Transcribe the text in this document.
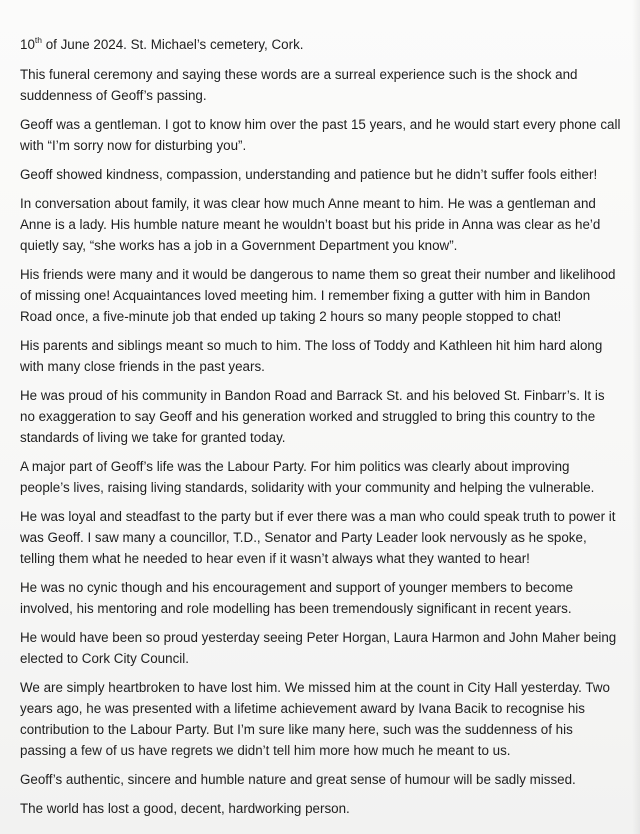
10th of June 2024. St. Michael’s cemetery, Cork.

This funeral ceremony and saying these words are a surreal experience such is the shock and suddenness of Geoff’s passing.

Geoff was a gentleman. I got to know him over the past 15 years, and he would start every phone call with “I’m sorry now for disturbing you”.

Geoff showed kindness, compassion, understanding and patience but he didn’t suffer fools either!

In conversation about family, it was clear how much Anne meant to him. He was a gentleman and Anne is a lady. His humble nature meant he wouldn’t boast but his pride in Anna was clear as he’d quietly say, “she works has a job in a Government Department you know”.

His friends were many and it would be dangerous to name them so great their number and likelihood of missing one! Acquaintances loved meeting him. I remember fixing a gutter with him in Bandon Road once, a five-minute job that ended up taking 2 hours so many people stopped to chat!

His parents and siblings meant so much to him. The loss of Toddy and Kathleen hit him hard along with many close friends in the past years.

He was proud of his community in Bandon Road and Barrack St. and his beloved St. Finbarr’s. It is no exaggeration to say Geoff and his generation worked and struggled to bring this country to the standards of living we take for granted today.

A major part of Geoff’s life was the Labour Party. For him politics was clearly about improving people’s lives, raising living standards, solidarity with your community and helping the vulnerable.

He was loyal and steadfast to the party but if ever there was a man who could speak truth to power it was Geoff. I saw many a councillor, T.D., Senator and Party Leader look nervously as he spoke, telling them what he needed to hear even if it wasn’t always what they wanted to hear!

He was no cynic though and his encouragement and support of younger members to become involved, his mentoring and role modelling has been tremendously significant in recent years.

He would have been so proud yesterday seeing Peter Horgan, Laura Harmon and John Maher being elected to Cork City Council.

We are simply heartbroken to have lost him. We missed him at the count in City Hall yesterday. Two years ago, he was presented with a lifetime achievement award by Ivana Bacik to recognise his contribution to the Labour Party. But I’m sure like many here, such was the suddenness of his passing a few of us have regrets we didn’t tell him more how much he meant to us.

Geoff’s authentic, sincere and humble nature and great sense of humour will be sadly missed.

The world has lost a good, decent, hardworking person.
